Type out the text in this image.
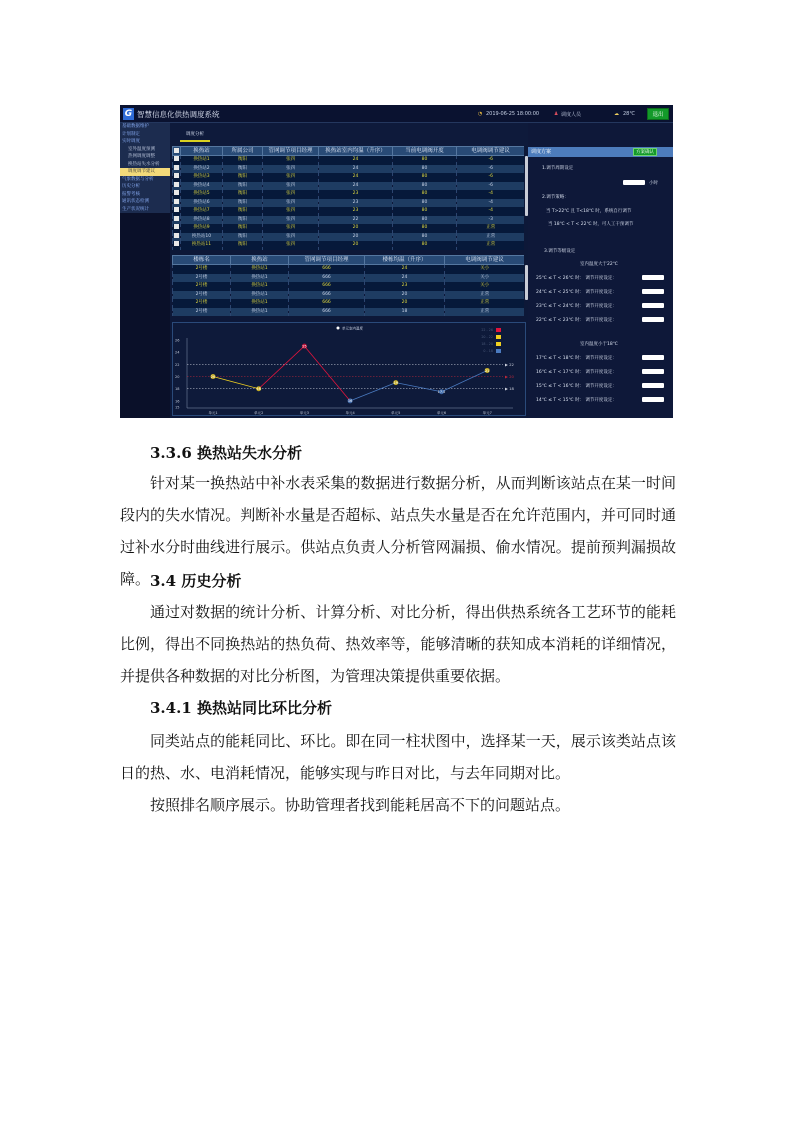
G 智慧信息化供热调度系统	◔ 2019-06-25 18:00:00	♟ 调度人员	☁ 28℃	退出
基础数据维护
计划制定
实时调度
室外温度预测
热网调度调整
换热站失水分析
调度调节建议
气象数据与分析
历史分析
报警考核
通讯状态检测
生产状况统计
调度分析
	换热站	所属公司	管网调节项目经理	换热站室内均温（升序）	当前电调阀开度	电调阀调节建议
	换热站1	衡阳	张四	24	80	-6
	换热站2	衡阳	张四	24	80	-6
	换热站3	衡阳	张四	24	80	-6
	换热站4	衡阳	张四	24	80	-6
	换热站5	衡阳	张四	23	80	-4
	换热站6	衡阳	张四	23	80	-4
	换热站7	衡阳	张四	23	80	-4
	换热站8	衡阳	张四	22	80	-3
	换热站9	衡阳	张四	20	80	正常
	换热站10	衡阳	张四	20	80	正常
	换热站11	衡阳	张四	20	80	正常
楼栋名	换热站	管网调节项目经理	楼栋均温（升序）	电调阀调节建议
2号楼	换热站1	666	24	关小
2号楼	换热站1	666	24	关小
2号楼	换热站1	666	23	关小
2号楼	换热站1	666	20	正常
2号楼	换热站1	666	20	正常
2号楼	换热站1	666	18	正常
15
16
18
20
22
24
26
单元1	单元2	单元3	单元4	单元5	单元6	单元7
▶ 22
▶ 20
▶ 18
20
18
25
16
19
17.5
21
单元室内温度	22 - 26
20 - 22
18 - 20
0 - 18
调度方案	方案确认
1.调节周期设定
小时
2.调节策略：
当 T>22℃ 且 T<18℃ 时，系统自行调节
当 18℃ < T < 22℃ 时，可人工干预调节
3.调节等级设定
室内温度大于22℃
25℃ ≤ T < 26℃ 时： 调节开度设定：
24℃ ≤ T < 25℃ 时： 调节开度设定：
23℃ ≤ T < 24℃ 时： 调节开度设定：
22℃ ≤ T < 23℃ 时： 调节开度设定：
室内温度小于18℃
17℃ ≤ T < 18℃ 时： 调节开度设定：
16℃ ≤ T < 17℃ 时： 调节开度设定：
15℃ ≤ T < 16℃ 时： 调节开度设定：
14℃ ≤ T < 15℃ 时： 调节开度设定：
3.3.6 换热站失水分析
针对某一换热站中补水表采集的数据进行数据分析，从而判断该站点在某一时间段内的失水情况。判断补水量是否超标、站点失水量是否在允许范围内，并可同时通过补水分时曲线进行展示。供站点负责人分析管网漏损、偷水情况。提前预判漏损故障。 3.4 历史分析
通过对数据的统计分析、计算分析、对比分析，得出供热系统各工艺环节的能耗比例，得出不同换热站的热负荷、热效率等，能够清晰的获知成本消耗的详细情况，并提供各种数据的对比分析图，为管理决策提供重要依据。
3.4.1 换热站同比环比分析
同类站点的能耗同比、环比。即在同一柱状图中，选择某一天，展示该类站点该日的热、水、电消耗情况，能够实现与昨日对比，与去年同期对比。
按照排名顺序展示。协助管理者找到能耗居高不下的问题站点。
